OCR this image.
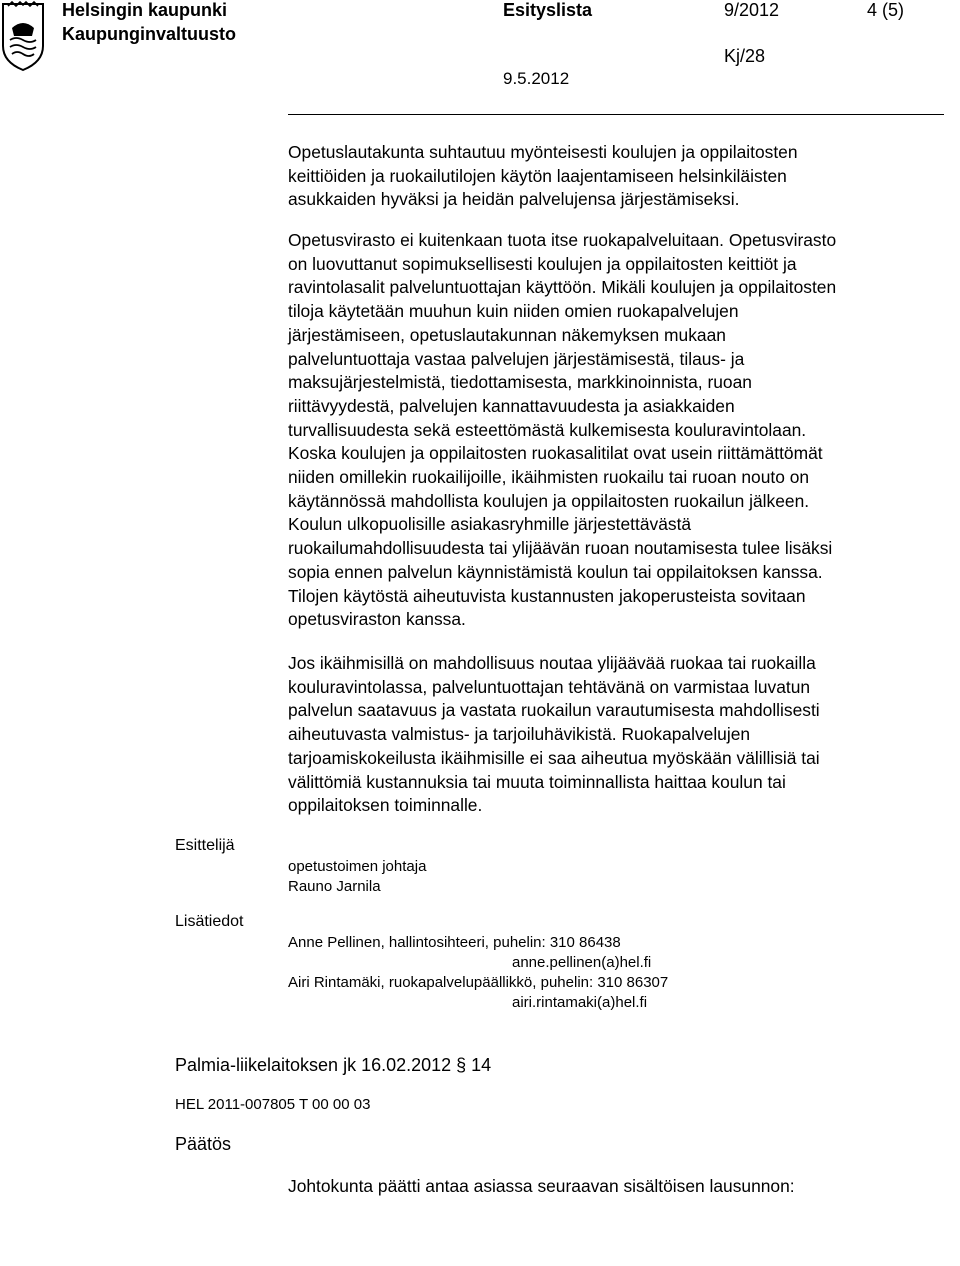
Helsingin kaupunki
Kaupunginvaltuusto
Esityslista	9/2012	4 (5)
Kj/28
9.5.2012
Opetuslautakunta suhtautuu myönteisesti koulujen ja oppilaitosten
keittiöiden ja ruokailutilojen käytön laajentamiseen helsinkiläisten
asukkaiden hyväksi ja heidän palvelujensa järjestämiseksi.
Opetusvirasto ei kuitenkaan tuota itse ruokapalveluitaan. Opetusvirasto
on luovuttanut sopimuksellisesti koulujen ja oppilaitosten keittiöt ja
ravintolasalit palveluntuottajan käyttöön. Mikäli koulujen ja oppilaitosten
tiloja käytetään muuhun kuin niiden omien ruokapalvelujen
järjestämiseen, opetuslautakunnan näkemyksen mukaan
palveluntuottaja vastaa palvelujen järjestämisestä, tilaus- ja
maksujärjestelmistä, tiedottamisesta, markkinoinnista, ruoan
riittävyydestä, palvelujen kannattavuudesta ja asiakkaiden
turvallisuudesta sekä esteettömästä kulkemisesta kouluravintolaan.
Koska koulujen ja oppilaitosten ruokasalitilat ovat usein riittämättömät
niiden omillekin ruokailijoille, ikäihmisten ruokailu tai ruoan nouto on
käytännössä mahdollista koulujen ja oppilaitosten ruokailun jälkeen.
Koulun ulkopuolisille asiakasryhmille järjestettävästä
ruokailumahdollisuudesta tai ylijäävän ruoan noutamisesta tulee lisäksi
sopia ennen palvelun käynnistämistä koulun tai oppilaitoksen kanssa.
Tilojen käytöstä aiheutuvista kustannusten jakoperusteista sovitaan
opetusviraston kanssa.
Jos ikäihmisillä on mahdollisuus noutaa ylijäävää ruokaa tai ruokailla
kouluravintolassa, palveluntuottajan tehtävänä on varmistaa luvatun
palvelun saatavuus ja vastata ruokailun varautumisesta mahdollisesti
aiheutuvasta valmistus- ja tarjoiluhävikistä. Ruokapalvelujen
tarjoamiskokeilusta ikäihmisille ei saa aiheutua myöskään välillisiä tai
välittömiä kustannuksia tai muuta toiminnallista haittaa koulun tai
oppilaitoksen toiminnalle.
Esittelijä
opetustoimen johtaja
Rauno Jarnila
Lisätiedot
Anne Pellinen, hallintosihteeri, puhelin: 310 86438
anne.pellinen(a)hel.fi
Airi Rintamäki, ruokapalvelupäällikkö, puhelin: 310 86307
airi.rintamaki(a)hel.fi
Palmia-liikelaitoksen jk 16.02.2012 § 14
HEL 2011-007805 T 00 00 03
Päätös
Johtokunta päätti antaa asiassa seuraavan sisältöisen lausunnon:
